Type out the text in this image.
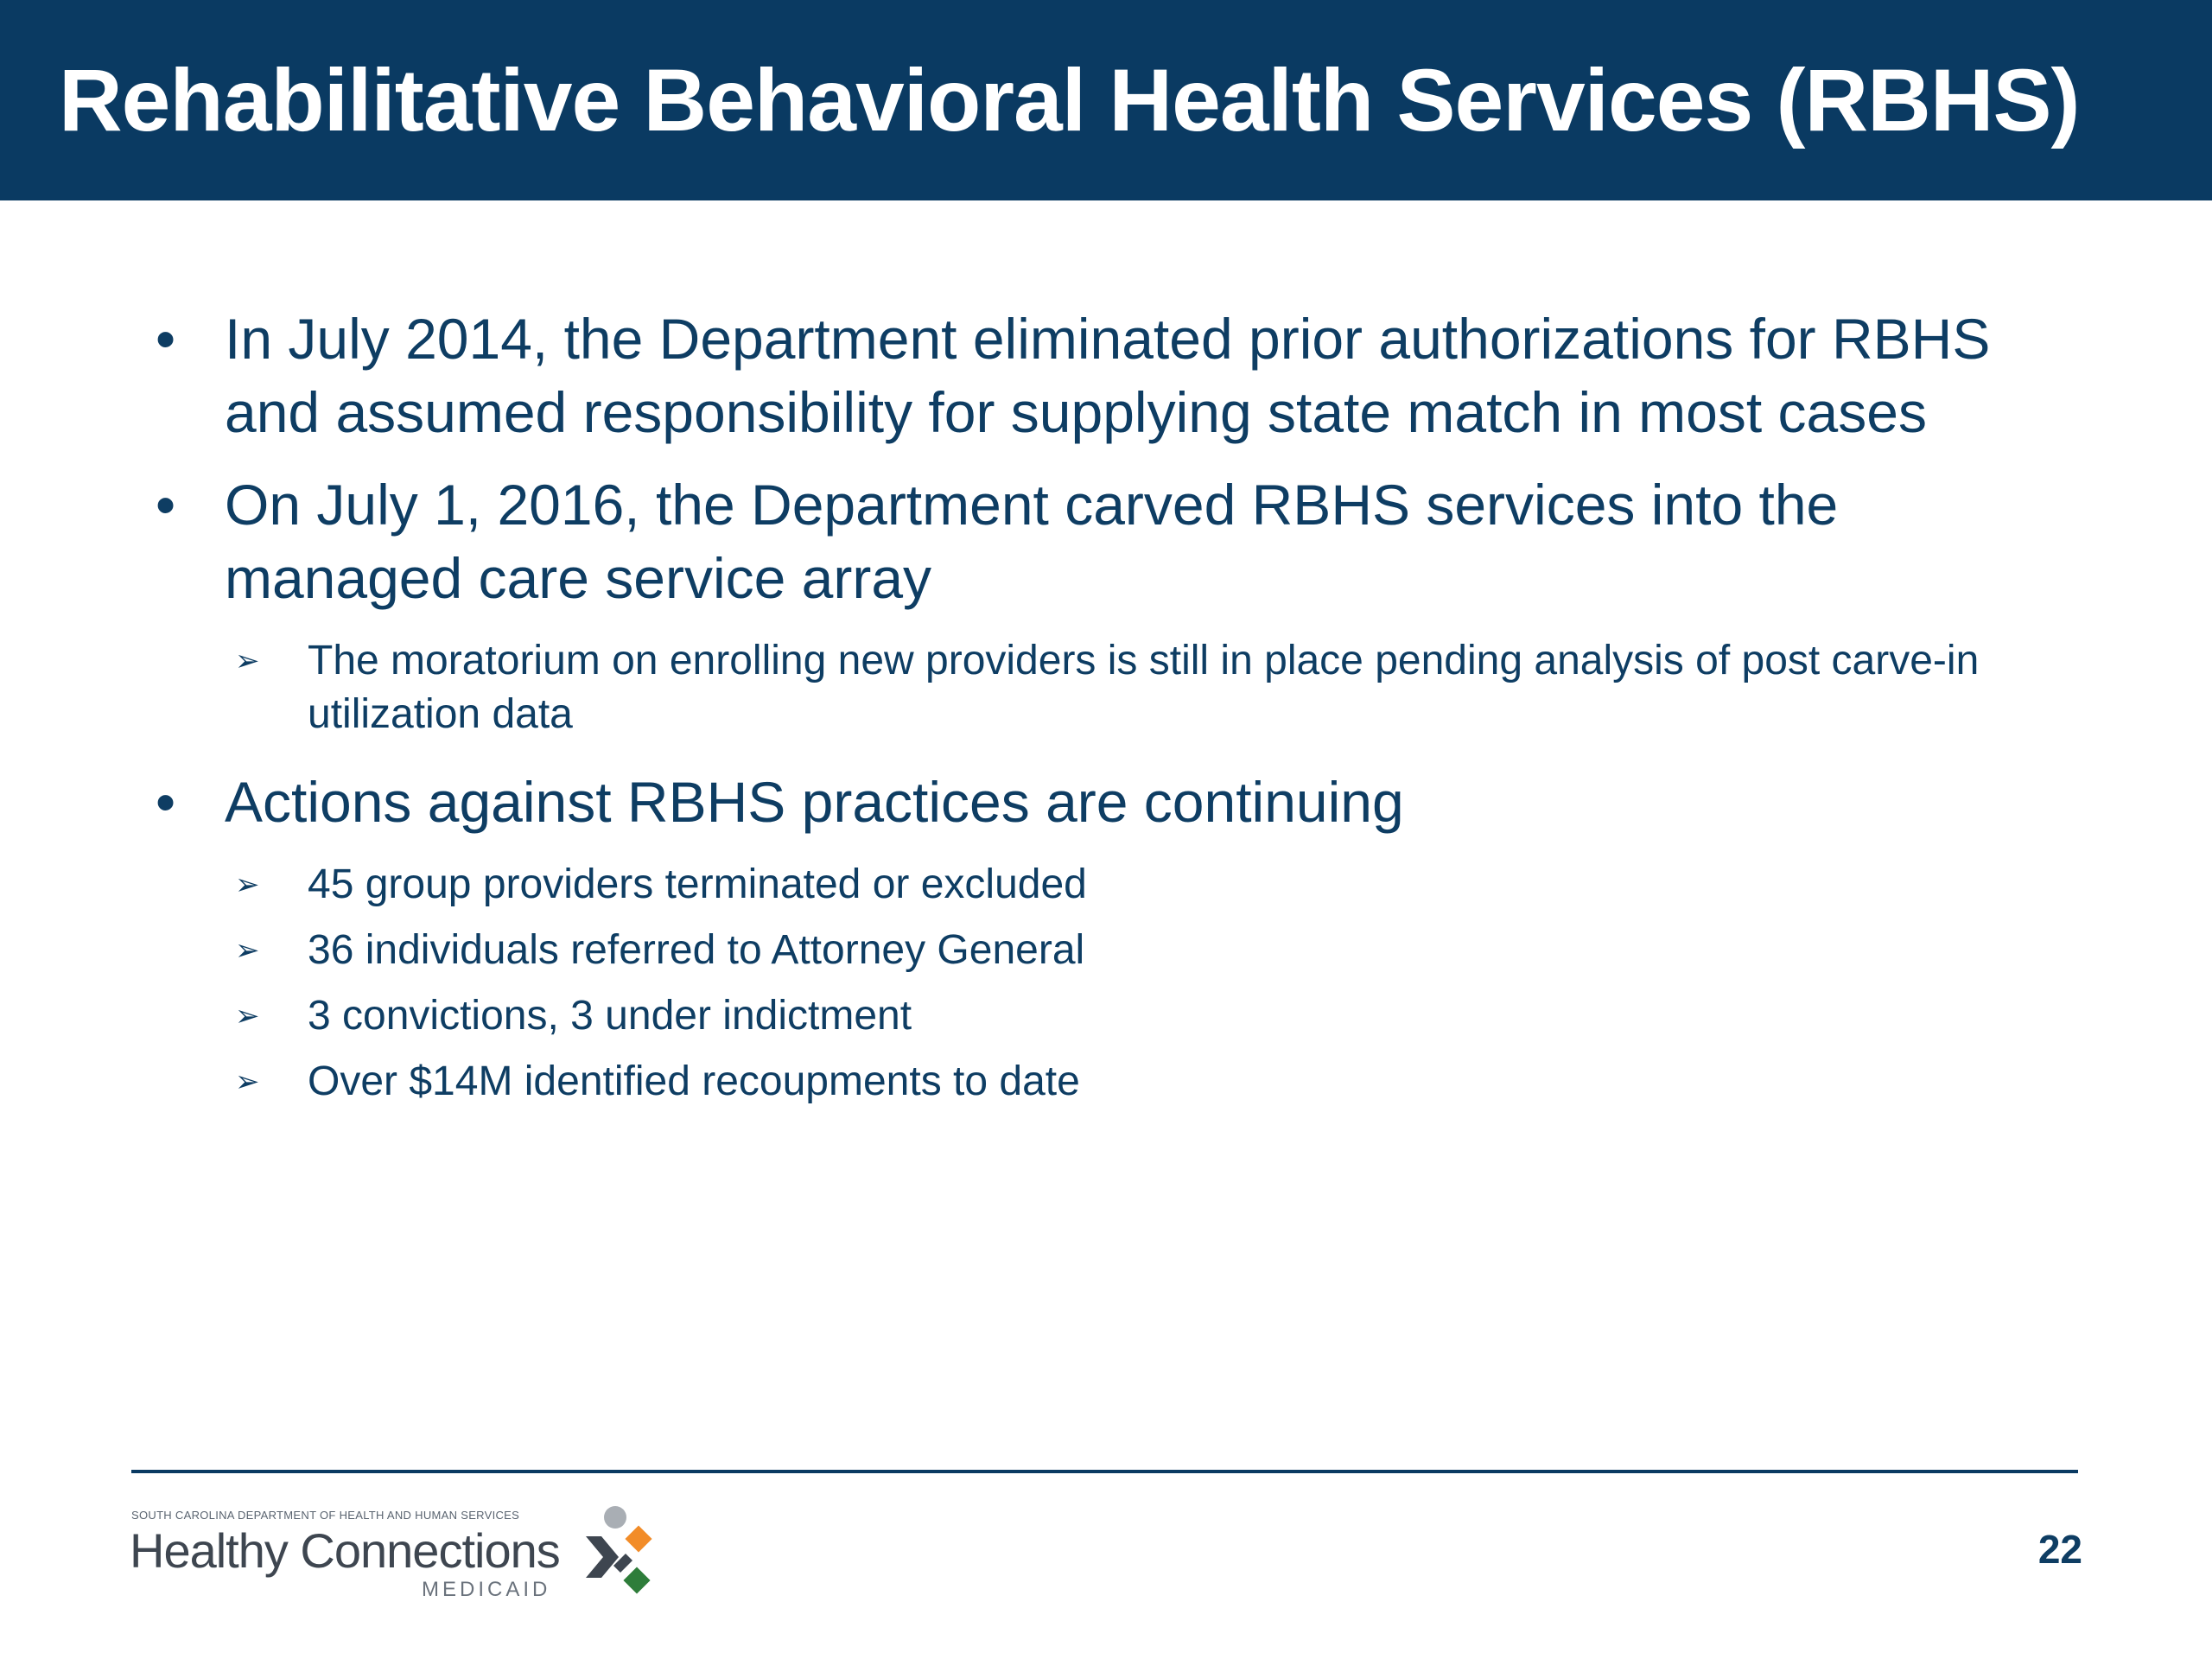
Rehabilitative Behavioral Health Services (RBHS)
• In July 2014, the Department eliminated prior authorizations for RBHS and assumed responsibility for supplying state match in most cases
• On July 1, 2016, the Department carved RBHS services into the managed care service array
➢ The moratorium on enrolling new providers is still in place pending analysis of post carve-in utilization data
• Actions against RBHS practices are continuing
➢ 45 group providers terminated or excluded
➢ 36 individuals referred to Attorney General
➢ 3 convictions, 3 under indictment
➢ Over $14M identified recoupments to date
SOUTH CAROLINA DEPARTMENT OF HEALTH AND HUMAN SERVICES
Healthy Connections
MEDICAID
22
